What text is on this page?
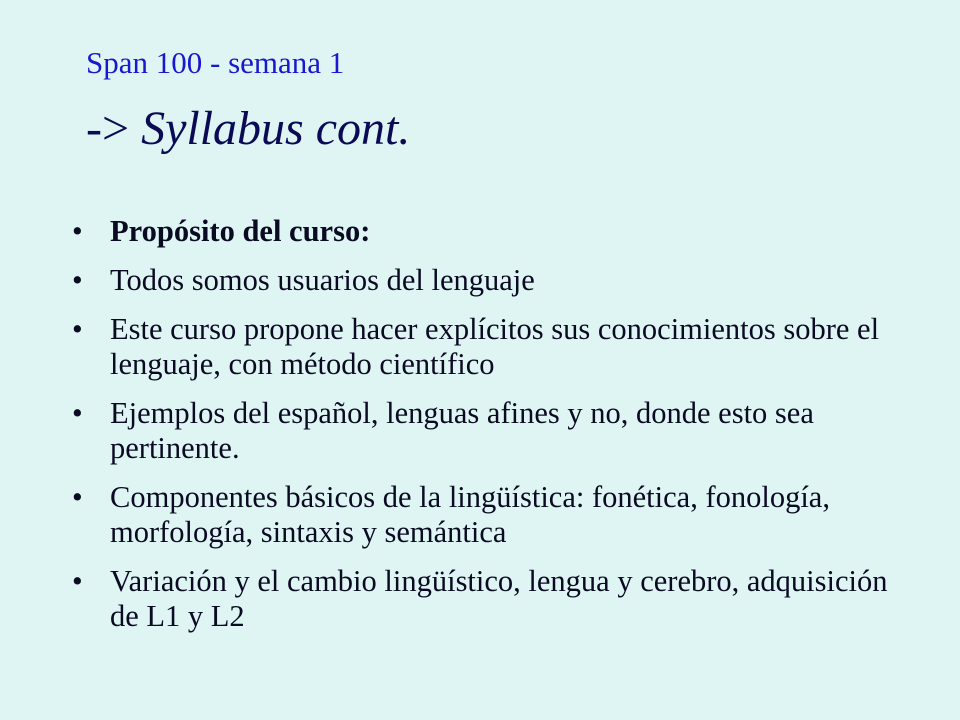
Span 100 - semana 1
-> Syllabus cont.
• Propósito del curso:
• Todos somos usuarios del lenguaje
• Este curso propone hacer explícitos sus conocimientos sobre el lenguaje, con método científico
• Ejemplos del español, lenguas afines y no, donde esto sea pertinente.
• Componentes básicos de la lingüística: fonética, fonología, morfología, sintaxis y semántica
• Variación y el cambio lingüístico, lengua y cerebro, adquisición de L1 y L2
